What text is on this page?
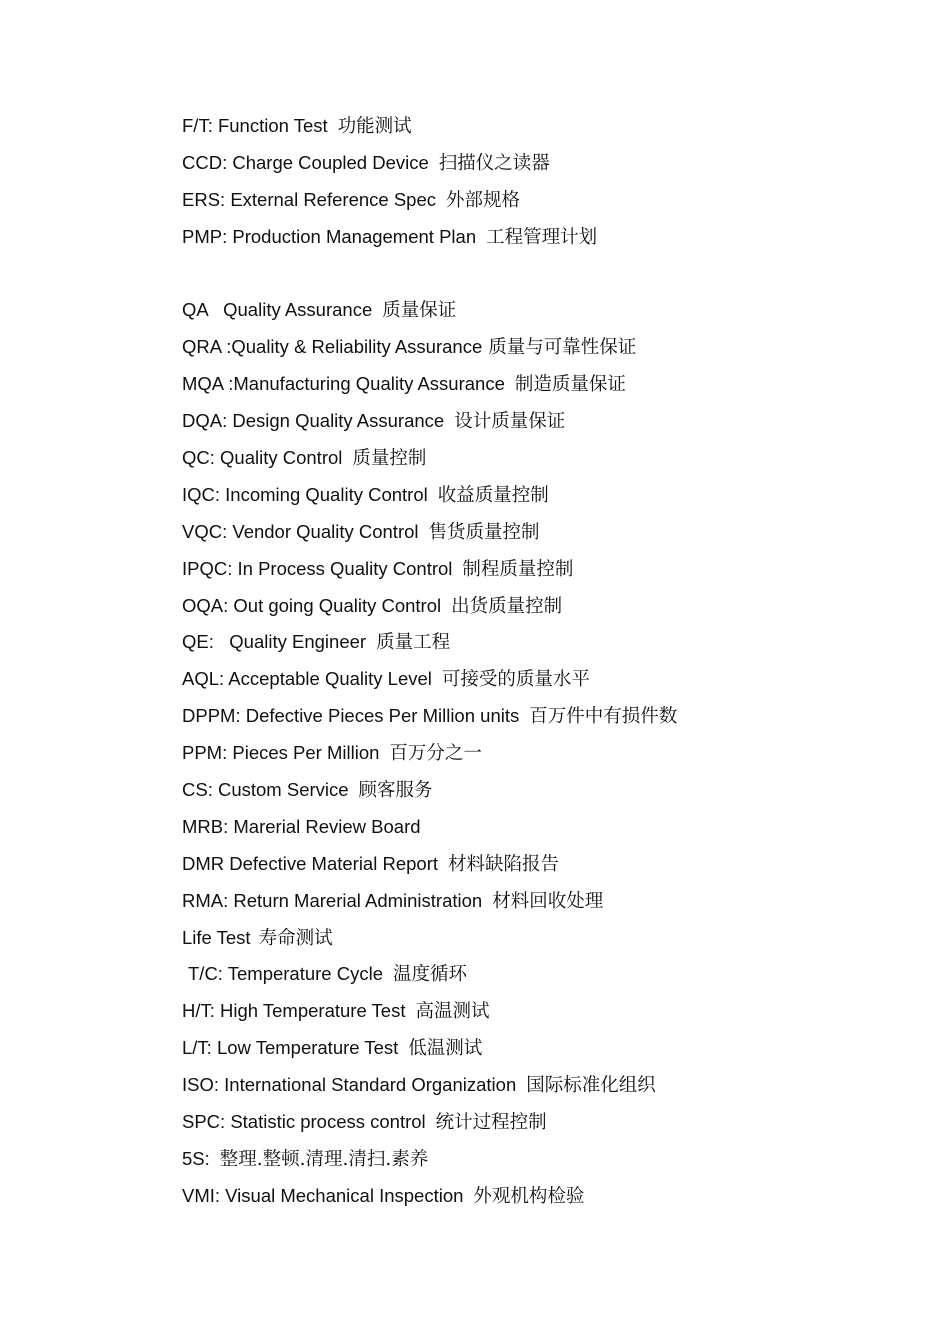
F/T: Function Test 功能测试
CCD: Charge Coupled Device 扫描仪之读器
ERS: External Reference Spec 外部规格
PMP: Production Management Plan 工程管理计划
QA   Quality Assurance 质量保证
QRA :Quality & Reliability Assurance 质量与可靠性保证
MQA :Manufacturing Quality Assurance 制造质量保证
DQA: Design Quality Assurance 设计质量保证
QC: Quality Control 质量控制
IQC: Incoming Quality Control 收益质量控制
VQC: Vendor Quality Control 售货质量控制
IPQC: In Process Quality Control 制程质量控制
OQA: Out going Quality Control 出货质量控制
QE:   Quality Engineer 质量工程
AQL: Acceptable Quality Level 可接受的质量水平
DPPM: Defective Pieces Per Million units 百万件中有损件数
PPM: Pieces Per Million 百万分之一
CS: Custom Service 顾客服务
MRB: Marerial Review Board
DMR Defective Material Report 材料缺陷报告
RMA: Return Marerial Administration 材料回收处理
Life Test 寿命测试
T/C: Temperature Cycle 温度循环
H/T: High Temperature Test 高温测试
L/T: Low Temperature Test 低温测试
ISO: International Standard Organization 国际标准化组织
SPC: Statistic process control 统计过程控制
5S: 整理.整顿.清理.清扫.素养
VMI: Visual Mechanical Inspection 外观机构检验
